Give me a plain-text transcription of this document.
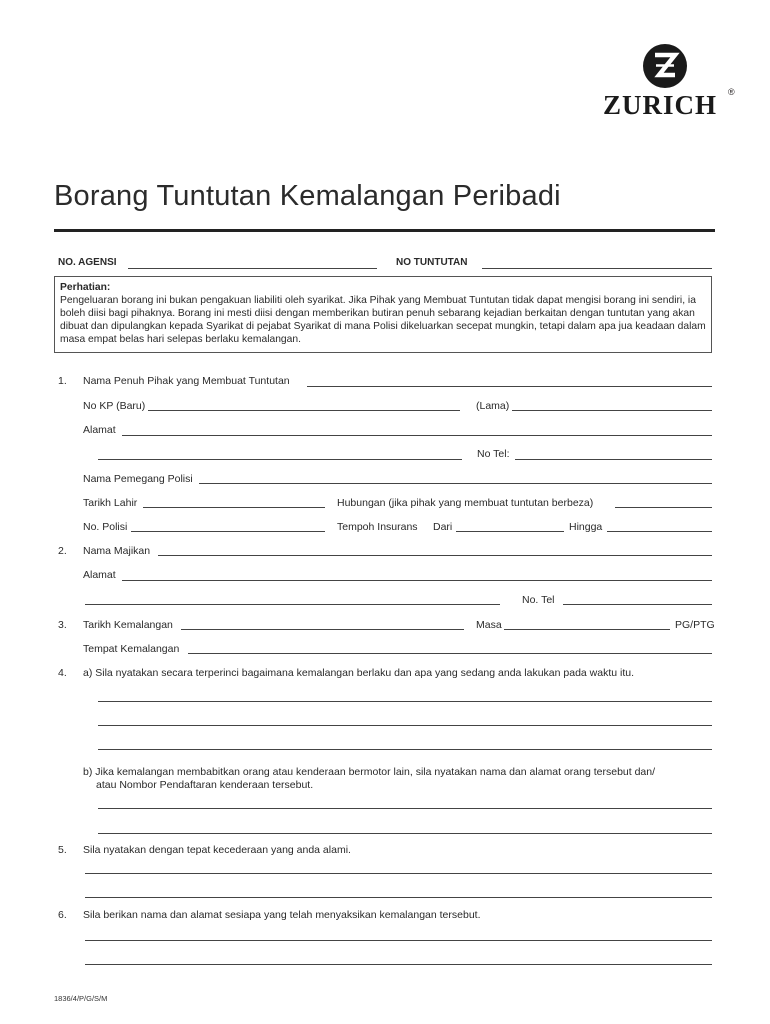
ZURICH ®
Borang Tuntutan Kemalangan Peribadi
NO. AGENSI	NO TUNTUTAN
Perhatian:
Pengeluaran borang ini bukan pengakuan liabiliti oleh syarikat. Jika Pihak yang Membuat Tuntutan tidak dapat mengisi borang ini sendiri, ia boleh diisi bagi pihaknya. Borang ini mesti diisi dengan memberikan butiran penuh sebarang kejadian berkaitan dengan tuntutan yang akan dibuat dan dipulangkan kepada Syarikat di pejabat Syarikat di mana Polisi dikeluarkan secepat mungkin, tetapi dalam apa jua keadaan dalam masa empat belas hari selepas berlaku kemalangan.
1. Nama Penuh Pihak yang Membuat Tuntutan
No KP (Baru)	(Lama)
Alamat
No Tel:
Nama Pemegang Polisi
Tarikh Lahir	Hubungan (jika pihak yang membuat tuntutan berbeza)
No. Polisi	Tempoh Insurans Dari	Hingga
2. Nama Majikan
Alamat
No. Tel
3. Tarikh Kemalangan	Masa	PG/PTG
Tempat Kemalangan
4. a) Sila nyatakan secara terperinci bagaimana kemalangan berlaku dan apa yang sedang anda lakukan pada waktu itu.
b) Jika kemalangan membabitkan orang atau kenderaan bermotor lain, sila nyatakan nama dan alamat orang tersebut dan/
atau Nombor Pendaftaran kenderaan tersebut.
5. Sila nyatakan dengan tepat kecederaan yang anda alami.
6. Sila berikan nama dan alamat sesiapa yang telah menyaksikan kemalangan tersebut.
1836/4/P/G/S/M
